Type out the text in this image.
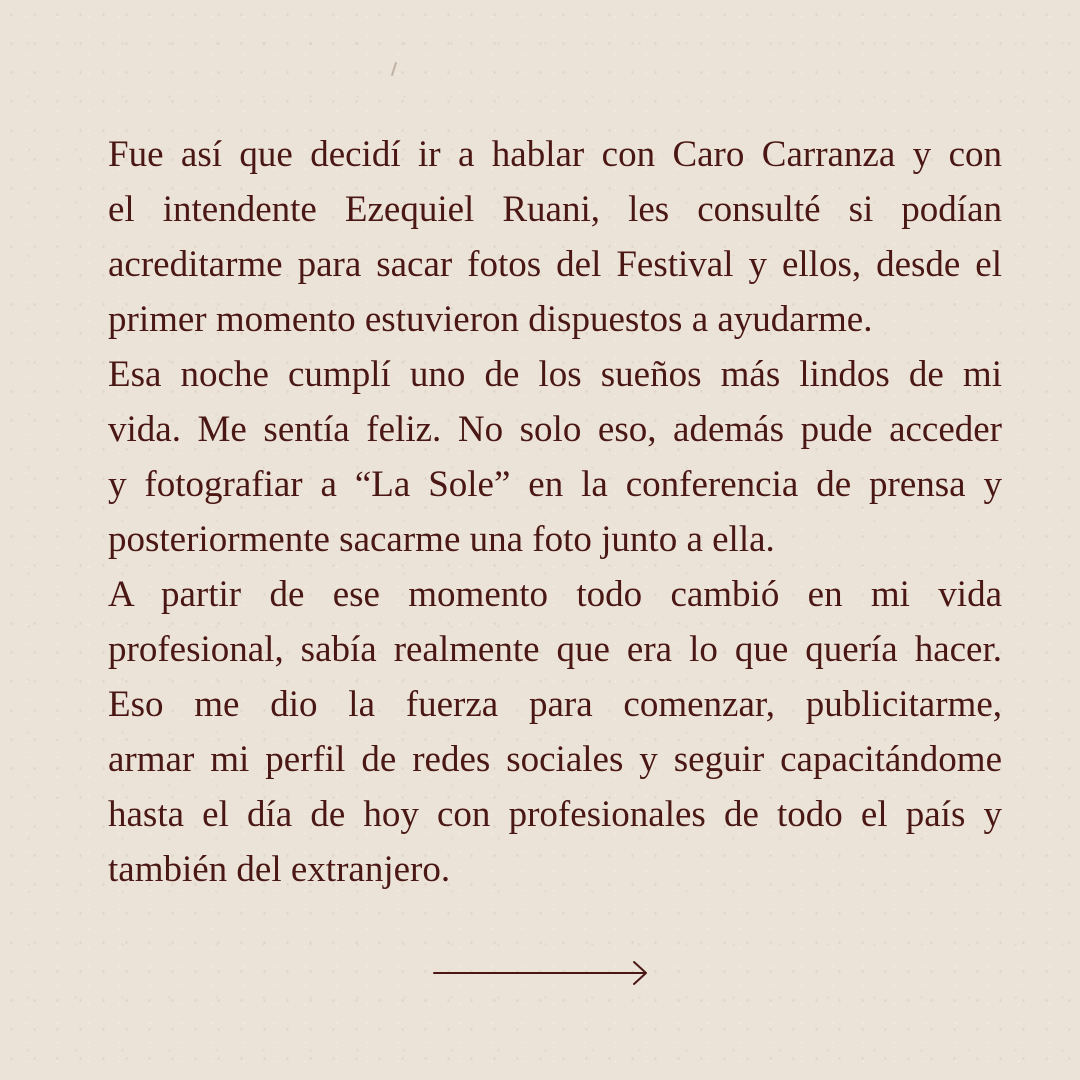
Fue así que decidí ir a hablar con Caro Carranza y con
el intendente Ezequiel Ruani, les consulté si podían
acreditarme para sacar fotos del Festival y ellos, desde el
primer momento estuvieron dispuestos a ayudarme.
Esa noche cumplí uno de los sueños más lindos de mi
vida. Me sentía feliz. No solo eso, además pude acceder
y fotografiar a “La Sole” en la conferencia de prensa y
posteriormente sacarme una foto junto a ella.
A partir de ese momento todo cambió en mi vida
profesional, sabía realmente que era lo que quería hacer.
Eso me dio la fuerza para comenzar, publicitarme,
armar mi perfil de redes sociales y seguir capacitándome
hasta el día de hoy con profesionales de todo el país y
también del extranjero.
